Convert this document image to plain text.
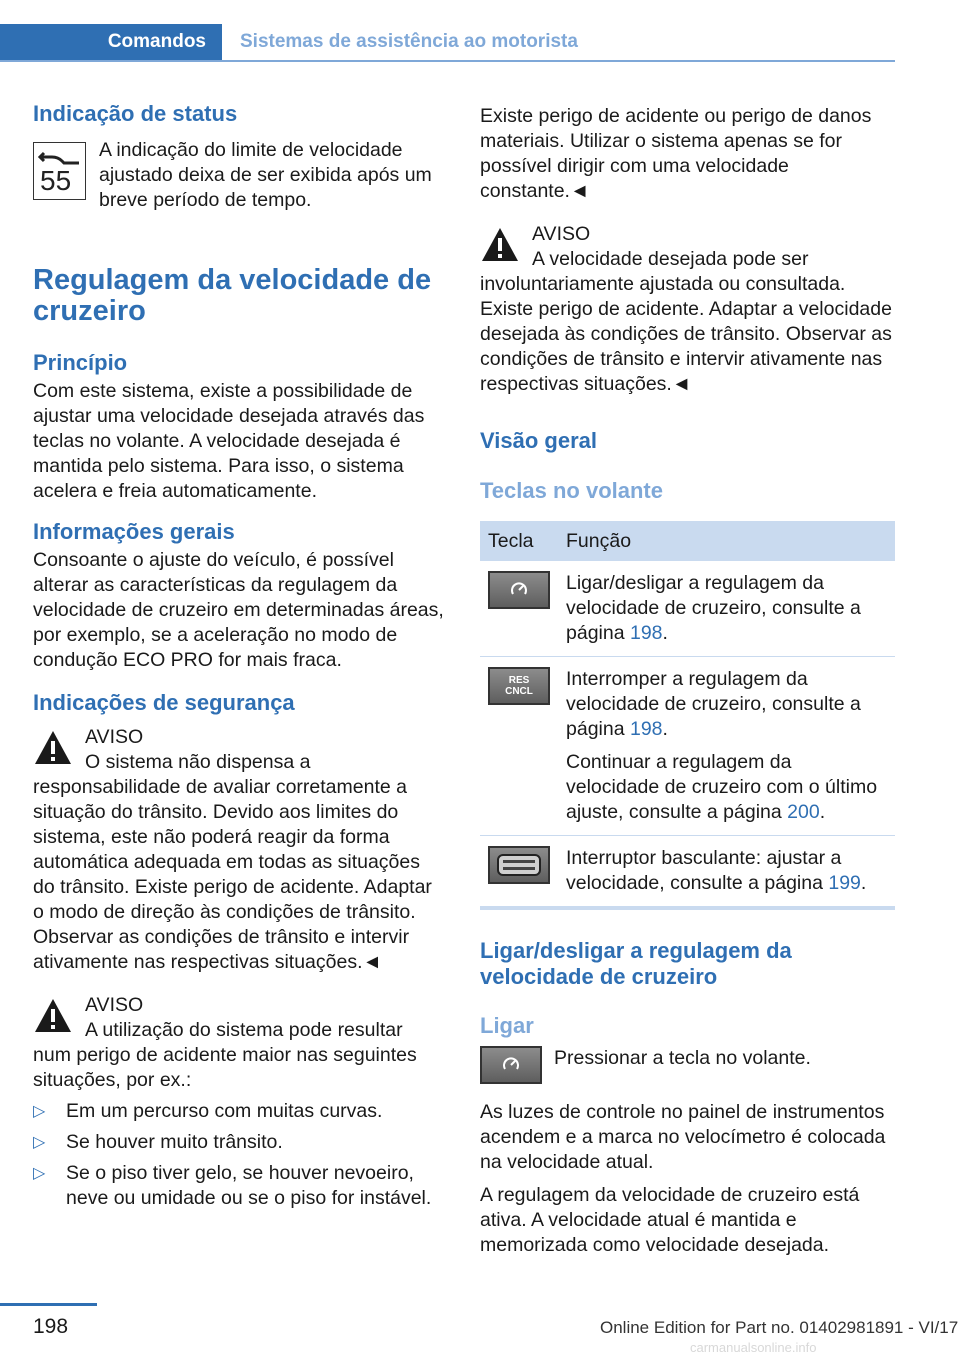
Comandos	Sistemas de assistência ao motorista
Indicação de status
55

A indicação do limite de velocidade ajustado deixa de ser exibida após um breve período de tempo.

Regulagem da velocidade de cruzeiro
Princípio

Com este sistema, existe a possibilidade de ajustar uma velocidade desejada através das teclas no volante. A velocidade desejada é mantida pelo sistema. Para isso, o sistema acelera e freia automaticamente.

Informações gerais

Consoante o ajuste do veículo, é possível alterar as características da regulagem da velocidade de cruzeiro em determinadas áreas, por exemplo, se a aceleração no modo de condução ECO PRO for mais fraca.

Indicações de segurança

AVISO

O sistema não dispensa a responsabilidade de avaliar corretamente a situação do trânsito. Devido aos limites do sistema, este não poderá reagir da forma automática adequada em todas as situações do trânsito. Existe perigo de acidente. Adaptar o modo de direção às condições de trânsito. Observar as condições de trânsito e intervir ativamente nas respectivas situações.◄

AVISO

A utilização do sistema pode resultar num perigo de acidente maior nas seguintes situações, por ex.:

▷	Em um percurso com muitas curvas.

▷	Se houver muito trânsito.

▷	Se o piso tiver gelo, se houver nevoeiro, neve ou umidade ou se o piso for instável.

Existe perigo de acidente ou perigo de danos materiais. Utilizar o sistema apenas se for possível dirigir com uma velocidade constante.◄

AVISO

A velocidade desejada pode ser involuntariamente ajustada ou consultada. Existe perigo de acidente. Adaptar a velocidade desejada às condições de trânsito. Observar as condições de trânsito e intervir ativamente nas respectivas situações.◄

Visão geral
Teclas no volante
Tecla	Função

	Ligar/desligar a regulagem da velocidade de cruzeiro, consulte a página 198.

RES CNCL	Interromper a regulagem da velocidade de cruzeiro, consulte a página 198.
Continuar a regulagem da velocidade de cruzeiro com o último ajuste, consulte a página 200.

	Interruptor basculante: ajustar a velocidade, consulte a página 199.
Ligar/desligar a regulagem da velocidade de cruzeiro
Ligar

Pressionar a tecla no volante.

As luzes de controle no painel de instrumentos acendem e a marca no velocímetro é colocada na velocidade atual.

A regulagem da velocidade de cruzeiro está ativa. A velocidade atual é mantida e memorizada como velocidade desejada.

198	Online Edition for Part no. 01402981891 - VI/17
carmanualsonline.info
